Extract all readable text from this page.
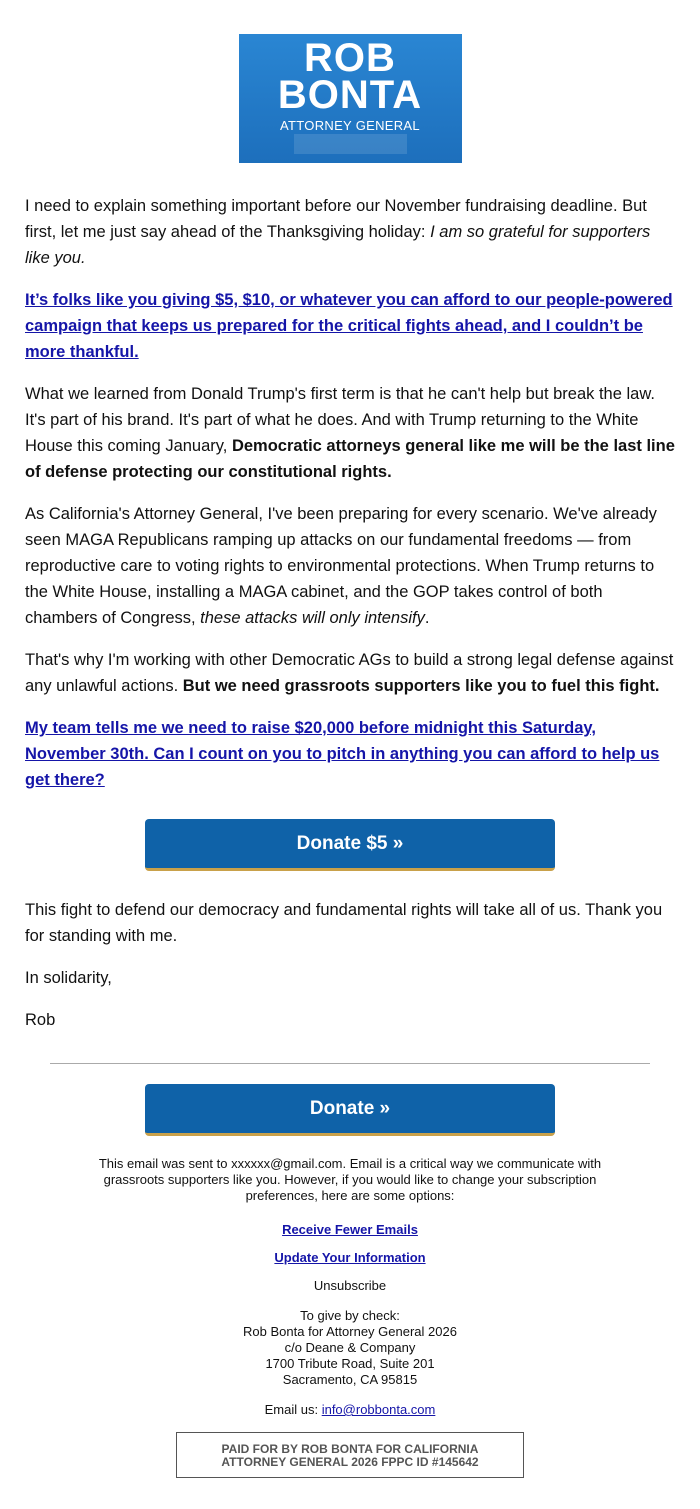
ROB
BONTA
ATTORNEY GENERAL

I need to explain something important before our November fundraising deadline. But first, let me just say ahead of the Thanksgiving holiday: I am so grateful for supporters like you.

It’s folks like you giving $5, $10, or whatever you can afford to our people-powered campaign that keeps us prepared for the critical fights ahead, and I couldn’t be more thankful.

What we learned from Donald Trump's first term is that he can't help but break the law. It's part of his brand. It's part of what he does. And with Trump returning to the White House this coming January, Democratic attorneys general like me will be the last line of defense protecting our constitutional rights.

As California's Attorney General, I've been preparing for every scenario. We've already seen MAGA Republicans ramping up attacks on our fundamental freedoms — from reproductive care to voting rights to environmental protections. When Trump returns to the White House, installing a MAGA cabinet, and the GOP takes control of both chambers of Congress, these attacks will only intensify.

That's why I'm working with other Democratic AGs to build a strong legal defense against any unlawful actions. But we need grassroots supporters like you to fuel this fight.

My team tells me we need to raise $20,000 before midnight this Saturday, November 30th. Can I count on you to pitch in anything you can afford to help us get there?

Donate $5 »

This fight to defend our democracy and fundamental rights will take all of us. Thank you for standing with me.

In solidarity,

Rob

Donate »
This email was sent to xxxxxx@gmail.com. Email is a critical way we communicate with grassroots supporters like you. However, if you would like to change your subscription preferences, here are some options:
Receive Fewer Emails
Update Your Information
Unsubscribe
To give by check:
Rob Bonta for Attorney General 2026
c/o Deane & Company
1700 Tribute Road, Suite 201
Sacramento, CA 95815
Email us: info@robbonta.com
PAID FOR BY ROB BONTA FOR CALIFORNIA
ATTORNEY GENERAL 2026 FPPC ID #145642
